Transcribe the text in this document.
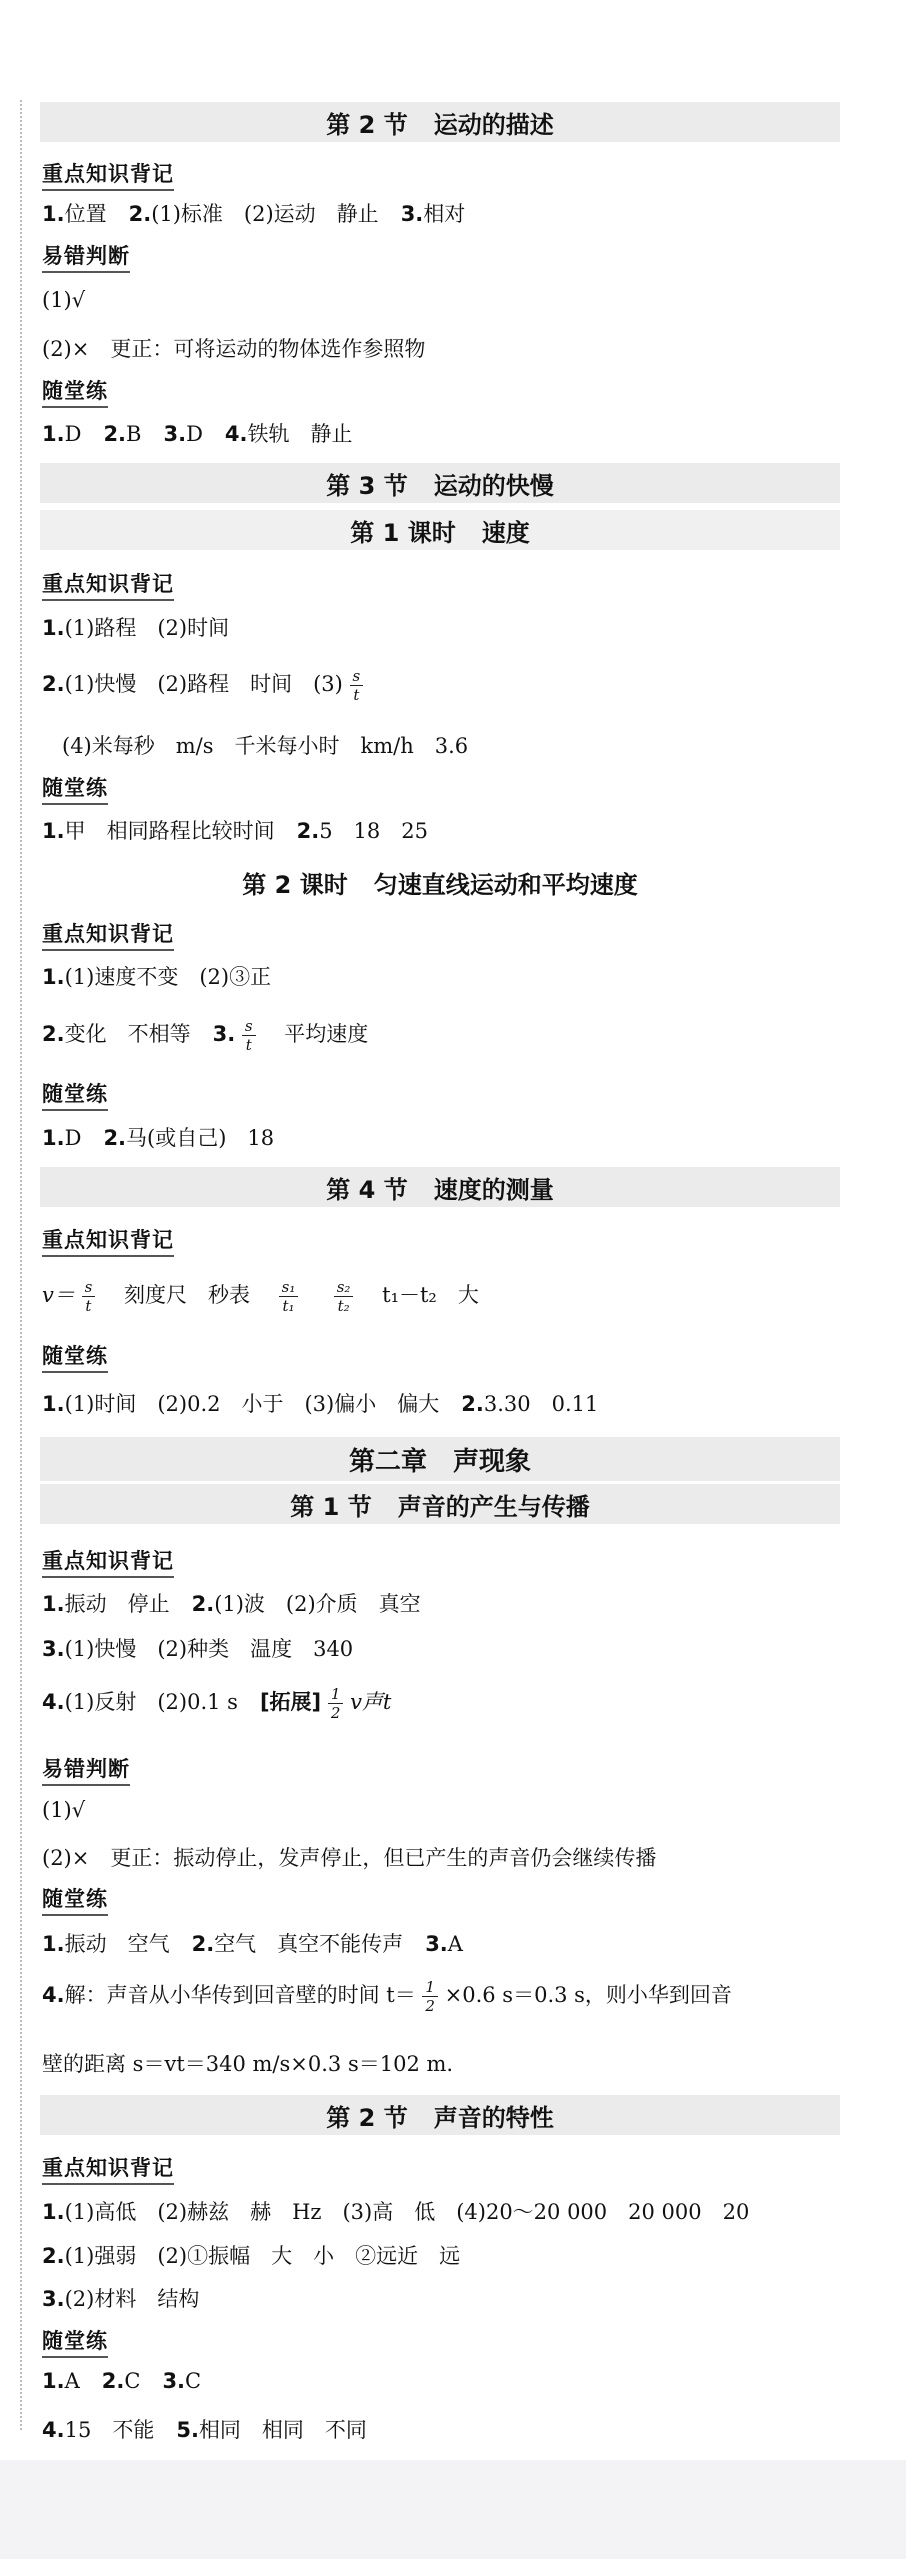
第 2 节 运动的描述
重点知识背记
1.位置 2.(1)标准　(2)运动　静止 3.相对
易错判断
(1)√
(2)×　更正：可将运动的物体选作参照物
随堂练
1.D 2.B 3.D 4.铁轨　静止
第 3 节 运动的快慢
第 1 课时 速度
重点知识背记
1.(1)路程　(2)时间
2.(1)快慢　(2)路程　时间　$(3) \frac{s}{t}$
(4)米每秒　m/s　千米每小时　km/h　3.6
随堂练
1.甲　相同路程比较时间 2.5　18　25
第 2 课时 匀速直线运动和平均速度
重点知识背记
1.(1)速度不变　(2)③正
2.变化　不相等 3. $\frac{s}{t}$ 平均速度
随堂练
1.D 2.马(或自己)　18
第 4 节 速度的测量
重点知识背记
$v= \frac{s}{t}$ 刻度尺　秒表 $\frac{\text{s₁}}{\text{t₁}}$
$\frac{\text{s₂}}{\text{t₂}} t_1-t_2$　大
随堂练
1.(1)时间　(2)0.2　小于　(3)偏小　偏大 2.3.30　0.11
第二章 声现象
第 1 节 声音的产生与传播
重点知识背记
1.振动　停止 2.(1)波　(2)介质　真空
3.(1)快慢　(2)种类　温度　340
4.(1)反射　(2)0.1 s [拓展] $\frac{1}{2}$ v声t
易错判断
(1)√
(2)×　更正：振动停止，发声停止，但已产生的声音仍会继续传播
随堂练
1.振动　空气 2.空气　真空不能传声 3.A
4.解：声音从小华传到回音壁的时间 $t= \frac{1}{2} \times 0.6$ s＝0.3 s，则小华到回音
壁的距离 s＝vt＝340 m/s×0.3 s＝102 m.
第 2 节 声音的特性
重点知识背记
1.(1)高低　(2)赫兹　赫　Hz　(3)高　低　(4)20～20 000　20 000　20
2.(1)强弱　(2)①振幅　大　小　②远近　远
3.(2)材料　结构
随堂练
1.A 2.C 3.C
4.15　不能 5.相同　相同　不同
